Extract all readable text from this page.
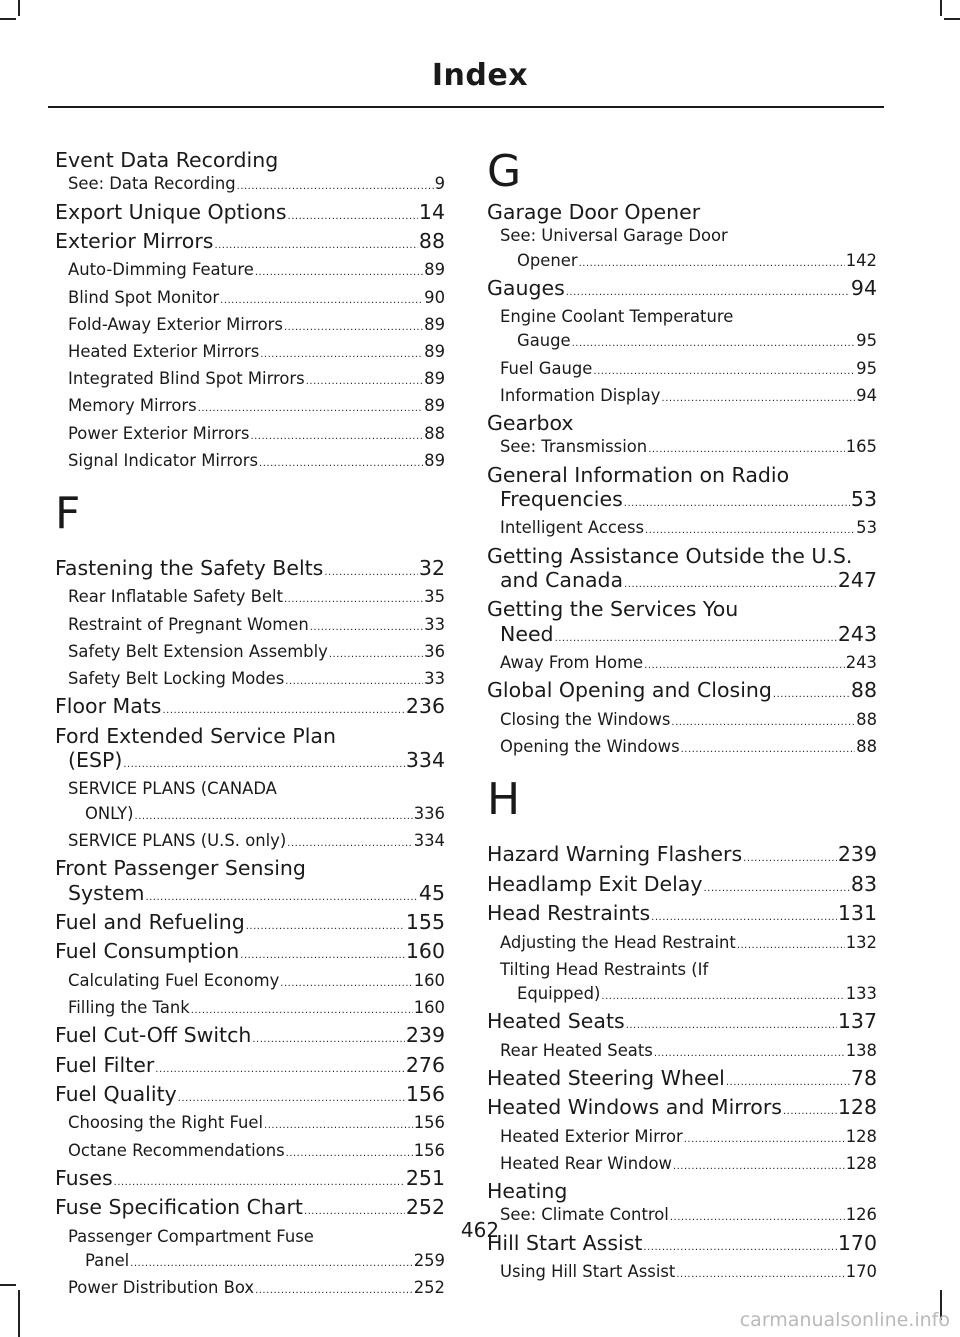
Index
Event Data Recording
See: Data Recording .....	9
Export Unique Options .....	14
Exterior Mirrors .....	88
Auto-Dimming Feature .....	89
Blind Spot Monitor .....	90
Fold-Away Exterior Mirrors .....	89
Heated Exterior Mirrors .....	89
Integrated Blind Spot Mirrors .....	89
Memory Mirrors .....	89
Power Exterior Mirrors .....	88
Signal Indicator Mirrors .....	89
F
Fastening the Safety Belts .....	32
Rear Inflatable Safety Belt .....	35
Restraint of Pregnant Women .....	33
Safety Belt Extension Assembly .....	36
Safety Belt Locking Modes .....	33
Floor Mats .....	236
Ford Extended Service Plan
(ESP) .....	334
SERVICE PLANS (CANADA
ONLY) .....	336
SERVICE PLANS (U.S. only) .....	334
Front Passenger Sensing
System .....	45
Fuel and Refueling .....	155
Fuel Consumption .....	160
Calculating Fuel Economy .....	160
Filling the Tank .....	160
Fuel Cut-Off Switch .....	239
Fuel Filter .....	276
Fuel Quality .....	156
Choosing the Right Fuel .....	156
Octane Recommendations .....	156
Fuses .....	251
Fuse Specification Chart .....	252
Passenger Compartment Fuse
Panel .....	259
Power Distribution Box .....	252
G
Garage Door Opener
See: Universal Garage Door
Opener .....	142
Gauges .....	94
Engine Coolant Temperature
Gauge .....	95
Fuel Gauge .....	95
Information Display .....	94
Gearbox
See: Transmission .....	165
General Information on Radio
Frequencies .....	53
Intelligent Access .....	53
Getting Assistance Outside the U.S.
and Canada .....	247
Getting the Services You
Need .....	243
Away From Home .....	243
Global Opening and Closing .....	88
Closing the Windows .....	88
Opening the Windows .....	88
H
Hazard Warning Flashers .....	239
Headlamp Exit Delay .....	83
Head Restraints .....	131
Adjusting the Head Restraint .....	132
Tilting Head Restraints (If
Equipped) .....	133
Heated Seats .....	137
Rear Heated Seats .....	138
Heated Steering Wheel .....	78
Heated Windows and Mirrors .....	128
Heated Exterior Mirror .....	128
Heated Rear Window .....	128
Heating
See: Climate Control .....	126
Hill Start Assist .....	170
Using Hill Start Assist .....	170
462
carmanualsonline.info
